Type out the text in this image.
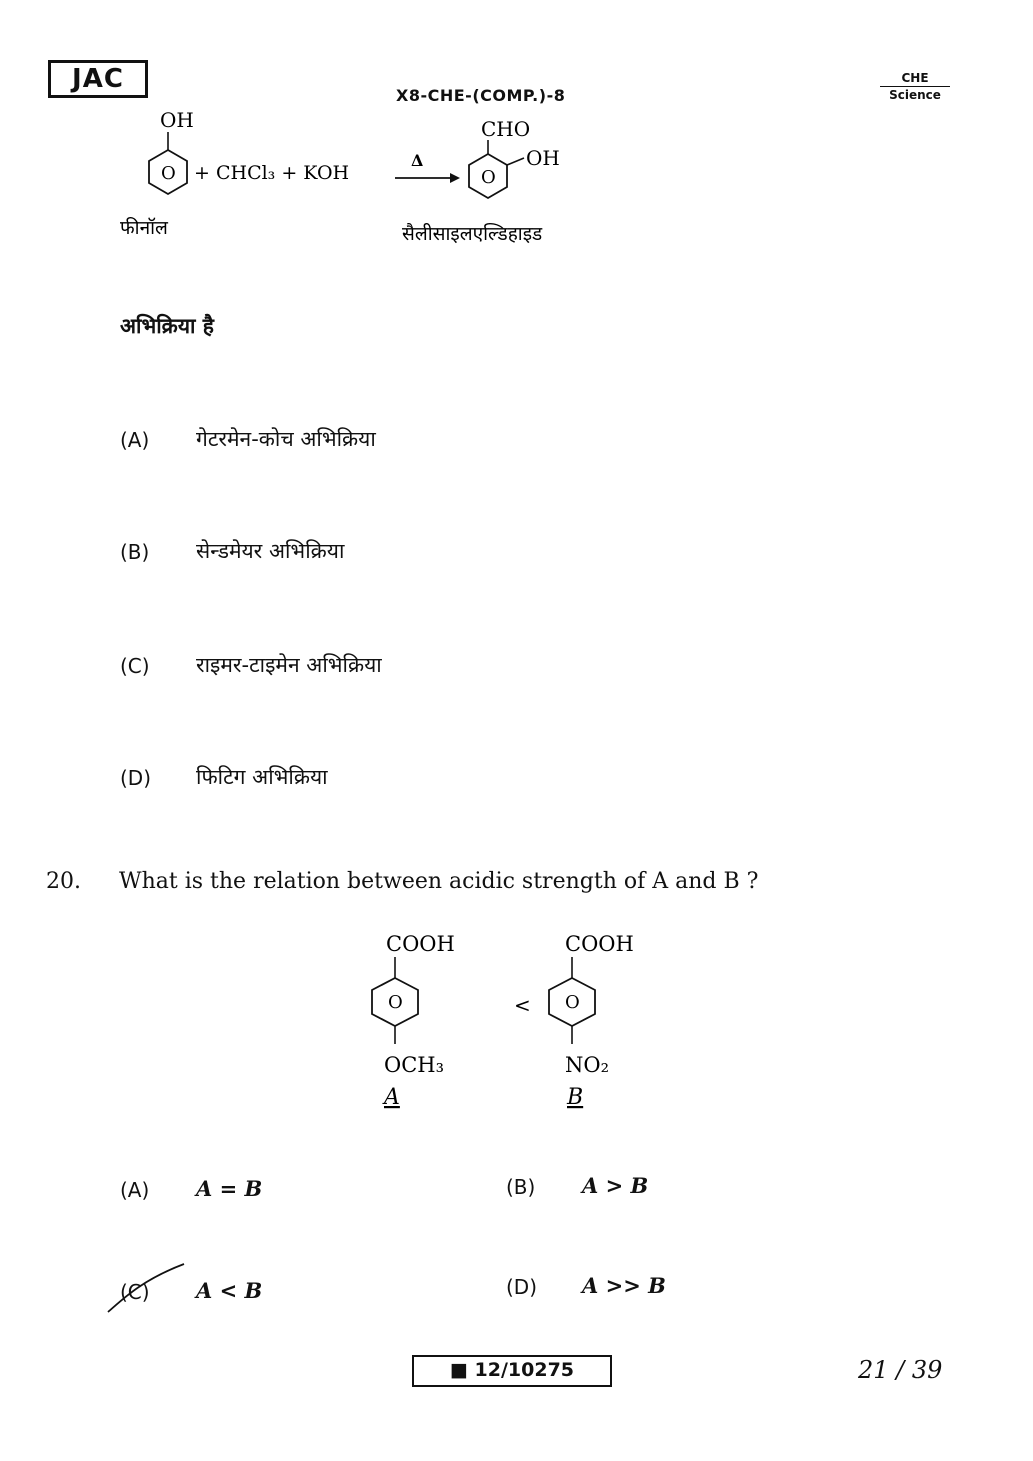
JAC
X8-CHE-(COMP.)-8
CHE
Science
OH
O + CHCl₃ + KOH
Δ
CHO
O
OH
फीनॉल	सैलीसाइलएल्डिहाइड
अभिक्रिया है
(A) गेटरमेन-कोच अभिक्रिया
(B) सेन्डमेयर अभिक्रिया
(C) राइमर-टाइमेन अभिक्रिया
(D) फिटिग अभिक्रिया
20. What is the relation between acidic strength of A and B ?
COOH
O
OCH₃
A
<
COOH
O
NO₂
B
(A) A = B	(B) A > B
(C) A < B	(D) A >> B
■ 12/10275	21 / 39
